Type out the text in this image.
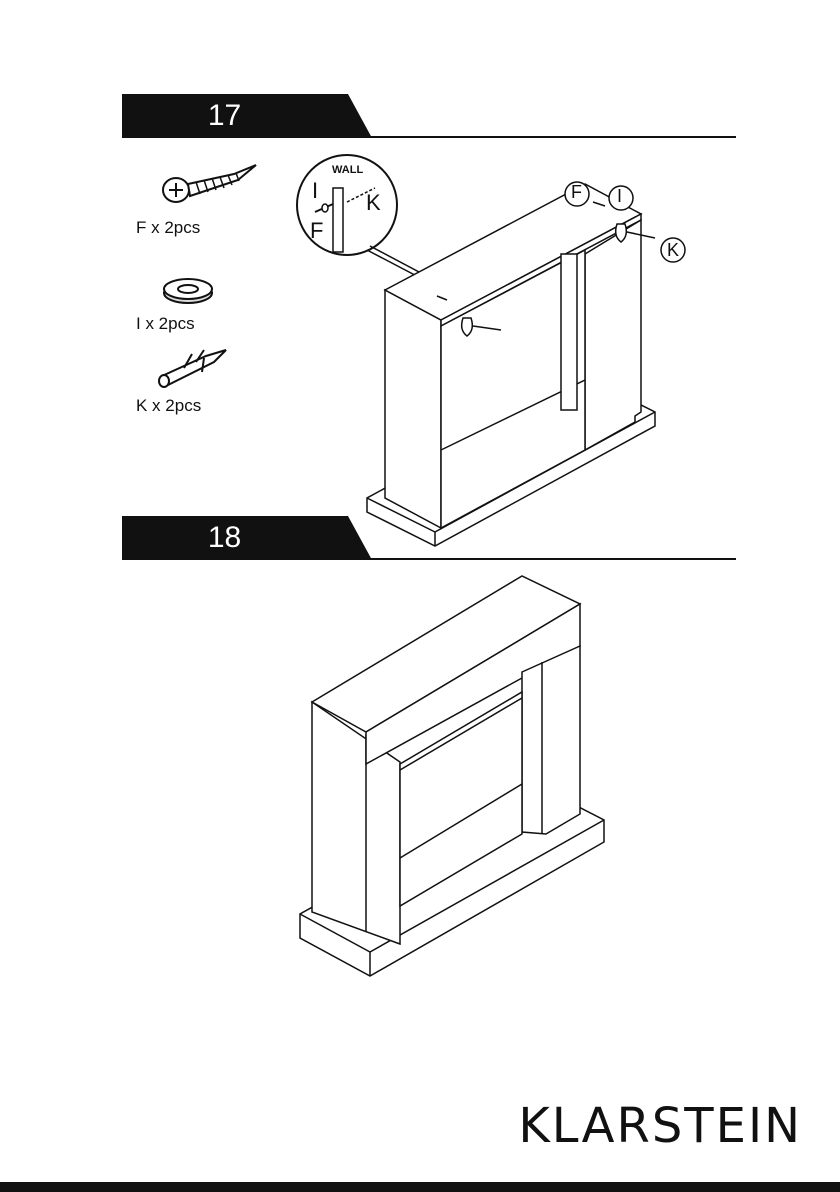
17
F x 2pcs
I x 2pcs
K x 2pcs
WALL
I K
F
F I
K
18
KLARSTEIN
